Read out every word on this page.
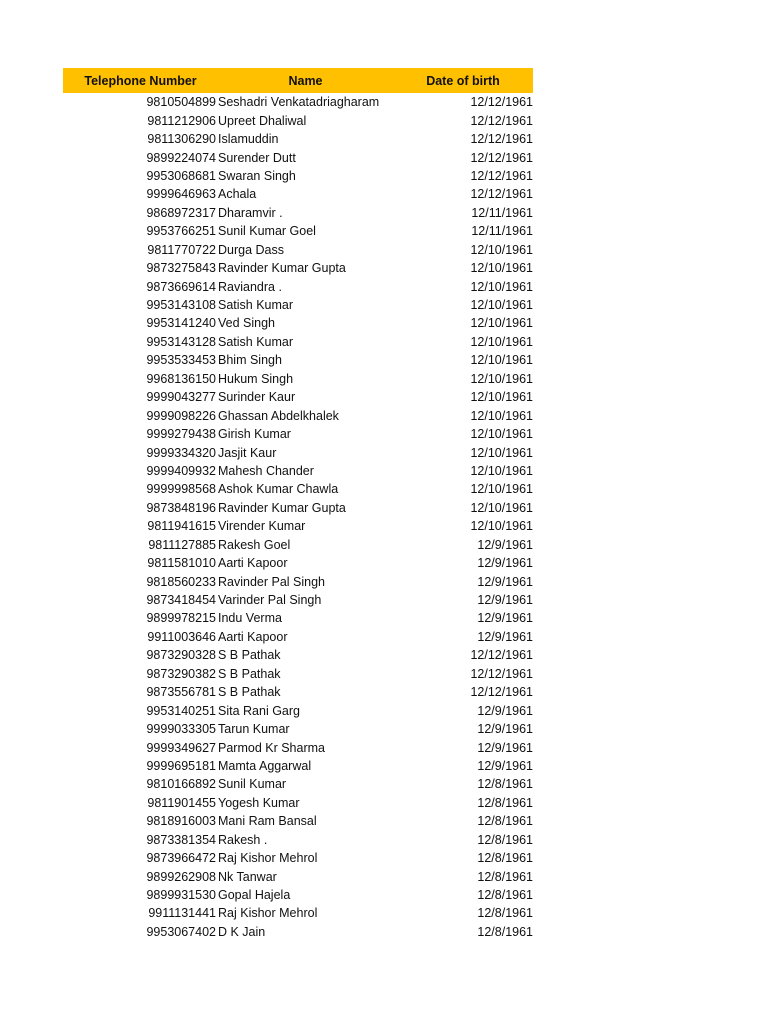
Telephone Number	Name	Date of birth
9810504899 Seshadri Venkatadriagharam	12/12/1961
9811212906 Upreet Dhaliwal	12/12/1961
9811306290 Islamuddin	12/12/1961
9899224074 Surender Dutt	12/12/1961
9953068681 Swaran Singh	12/12/1961
9999646963 Achala	12/12/1961
9868972317 Dharamvir .	12/11/1961
9953766251 Sunil Kumar Goel	12/11/1961
9811770722 Durga Dass	12/10/1961
9873275843 Ravinder Kumar Gupta	12/10/1961
9873669614 Raviandra .	12/10/1961
9953143108 Satish Kumar	12/10/1961
9953141240 Ved Singh	12/10/1961
9953143128 Satish Kumar	12/10/1961
9953533453 Bhim Singh	12/10/1961
9968136150 Hukum Singh	12/10/1961
9999043277 Surinder Kaur	12/10/1961
9999098226 Ghassan Abdelkhalek	12/10/1961
9999279438 Girish Kumar	12/10/1961
9999334320 Jasjit Kaur	12/10/1961
9999409932 Mahesh Chander	12/10/1961
9999998568 Ashok Kumar Chawla	12/10/1961
9873848196 Ravinder Kumar Gupta	12/10/1961
9811941615 Virender Kumar	12/10/1961
9811127885 Rakesh Goel	12/9/1961
9811581010 Aarti Kapoor	12/9/1961
9818560233 Ravinder Pal Singh	12/9/1961
9873418454 Varinder Pal Singh	12/9/1961
9899978215 Indu Verma	12/9/1961
9911003646 Aarti Kapoor	12/9/1961
9873290328 S B Pathak	12/12/1961
9873290382 S B Pathak	12/12/1961
9873556781 S B Pathak	12/12/1961
9953140251 Sita Rani Garg	12/9/1961
9999033305 Tarun Kumar	12/9/1961
9999349627 Parmod Kr Sharma	12/9/1961
9999695181 Mamta Aggarwal	12/9/1961
9810166892 Sunil Kumar	12/8/1961
9811901455 Yogesh Kumar	12/8/1961
9818916003 Mani Ram Bansal	12/8/1961
9873381354 Rakesh .	12/8/1961
9873966472 Raj Kishor Mehrol	12/8/1961
9899262908 Nk Tanwar	12/8/1961
9899931530 Gopal Hajela	12/8/1961
9911131441 Raj Kishor Mehrol	12/8/1961
9953067402 D K Jain	12/8/1961
